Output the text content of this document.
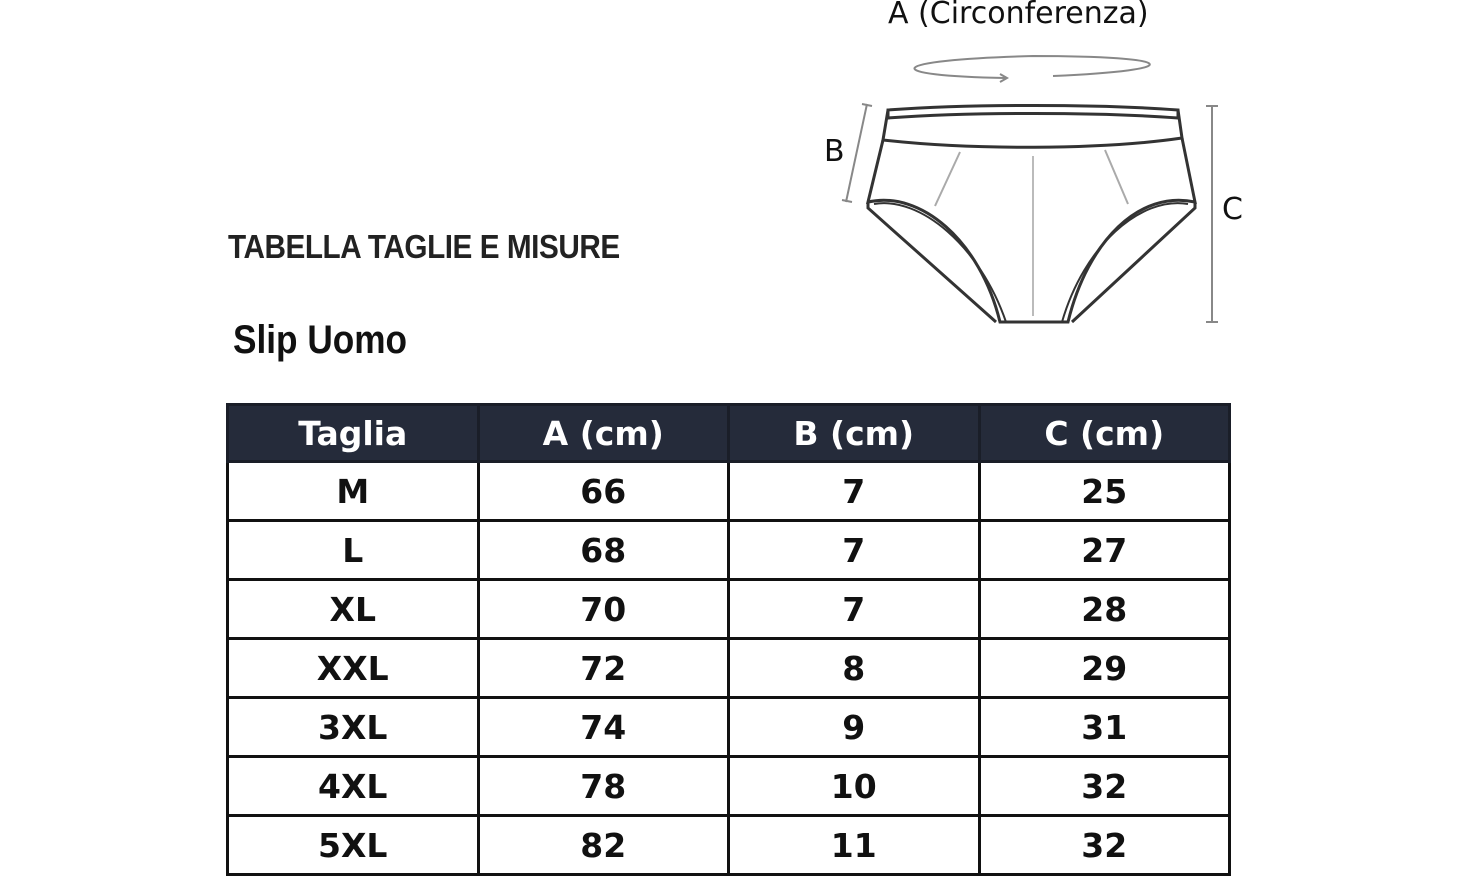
TABELLA TAGLIE E MISURE
Slip Uomo
A (Circonferenza)
B
C
Taglia	A (cm)	B (cm)	C (cm)
M	66	7	25
L	68	7	27
XL	70	7	28
XXL	72	8	29
3XL	74	9	31
4XL	78	10	32
5XL	82	11	32
